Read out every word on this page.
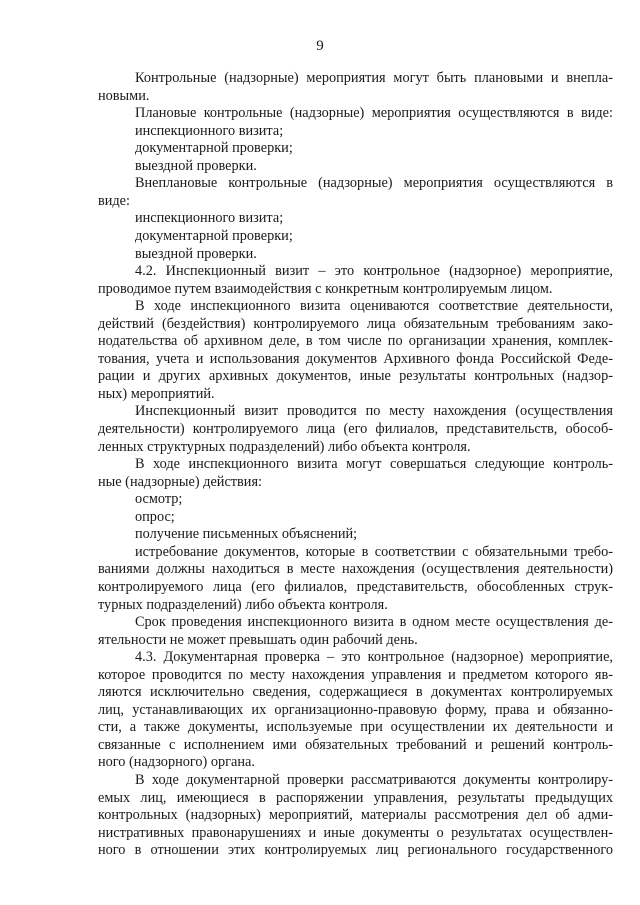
9
Контрольные (надзорные) мероприятия могут быть плановыми и внепла-
новыми.
Плановые контрольные (надзорные) мероприятия осуществляются в виде:
инспекционного визита;
документарной проверки;
выездной проверки.
Внеплановые контрольные (надзорные) мероприятия осуществляются в
виде:
инспекционного визита;
документарной проверки;
выездной проверки.
4.2. Инспекционный визит – это контрольное (надзорное) мероприятие,
проводимое путем взаимодействия с конкретным контролируемым лицом.
В ходе инспекционного визита оцениваются соответствие деятельности,
действий (бездействия) контролируемого лица обязательным требованиям зако-
нодательства об архивном деле, в том числе по организации хранения, комплек-
тования, учета и использования документов Архивного фонда Российской Феде-
рации и других архивных документов, иные результаты контрольных (надзор-
ных) мероприятий.
Инспекционный визит проводится по месту нахождения (осуществления
деятельности) контролируемого лица (его филиалов, представительств, обособ-
ленных структурных подразделений) либо объекта контроля.
В ходе инспекционного визита могут совершаться следующие контроль-
ные (надзорные) действия:
осмотр;
опрос;
получение письменных объяснений;
истребование документов, которые в соответствии с обязательными требо-
ваниями должны находиться в месте нахождения (осуществления деятельности)
контролируемого лица (его филиалов, представительств, обособленных струк-
турных подразделений) либо объекта контроля.
Срок проведения инспекционного визита в одном месте осуществления де-
ятельности не может превышать один рабочий день.
4.3. Документарная проверка – это контрольное (надзорное) мероприятие,
которое проводится по месту нахождения управления и предметом которого яв-
ляются исключительно сведения, содержащиеся в документах контролируемых
лиц, устанавливающих их организационно-правовую форму, права и обязанно-
сти, а также документы, используемые при осуществлении их деятельности и
связанные с исполнением ими обязательных требований и решений контроль-
ного (надзорного) органа.
В ходе документарной проверки рассматриваются документы контролиру-
емых лиц, имеющиеся в распоряжении управления, результаты предыдущих
контрольных (надзорных) мероприятий, материалы рассмотрения дел об адми-
нистративных правонарушениях и иные документы о результатах осуществлен-
ного в отношении этих контролируемых лиц регионального государственного
